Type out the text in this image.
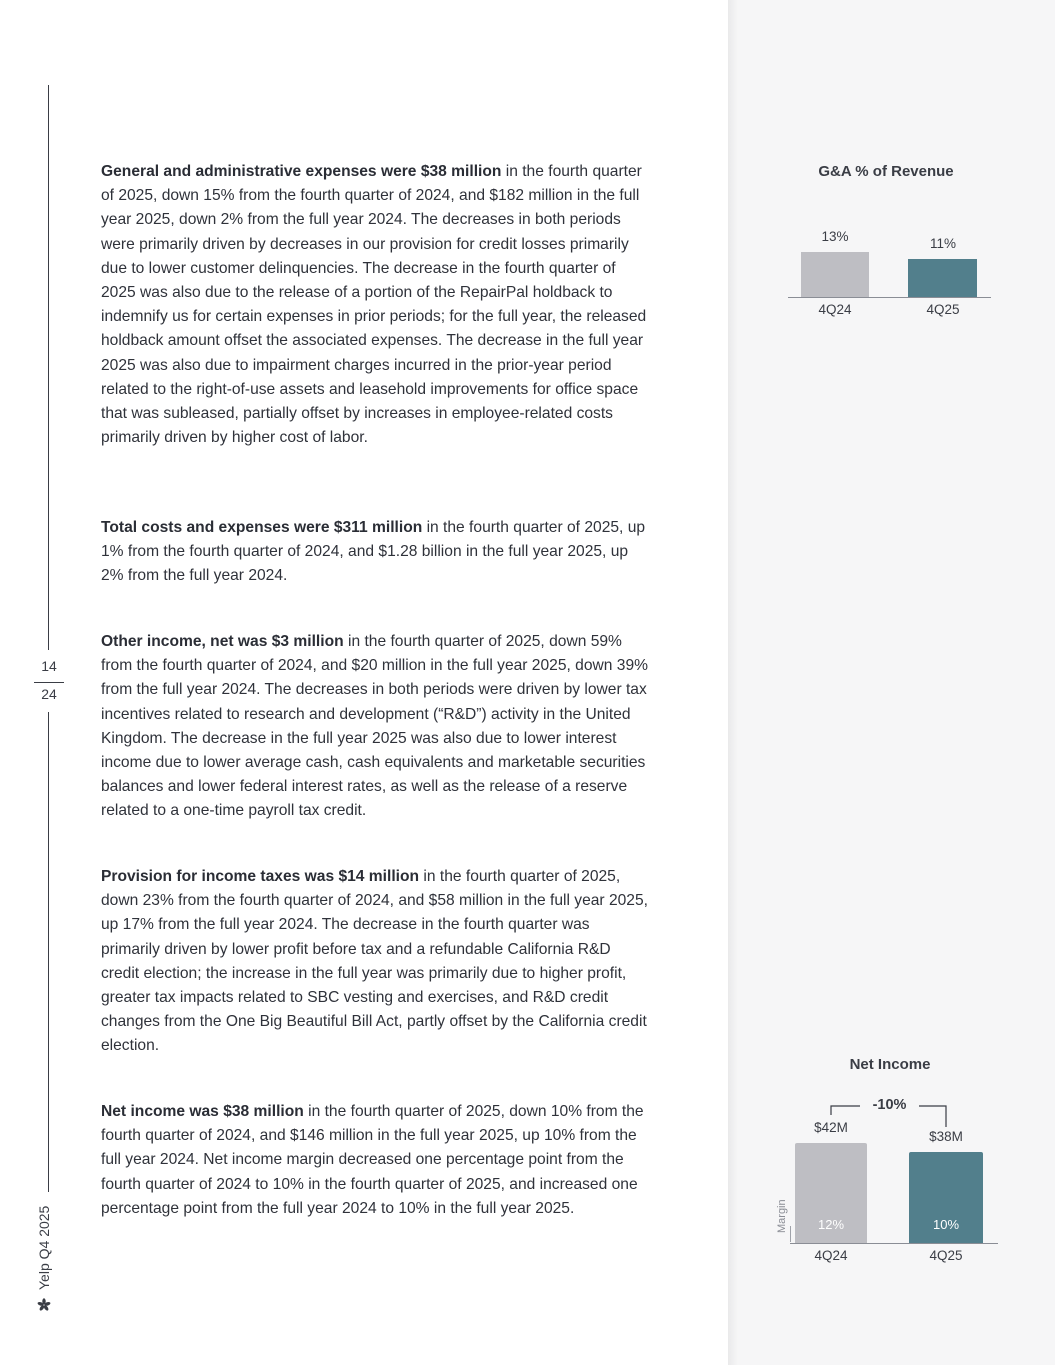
14
24
Yelp Q4 2025

General and administrative expenses were $38 million in the fourth quarter of 2025, down 15% from the fourth quarter of 2024, and $182 million in the full year 2025, down 2% from the full year 2024. The decreases in both periods were primarily driven by decreases in our provision for credit losses primarily due to lower customer delinquencies. The decrease in the fourth quarter of 2025 was also due to the release of a portion of the RepairPal holdback to indemnify us for certain expenses in prior periods; for the full year, the released holdback amount offset the associated expenses. The decrease in the full year 2025 was also due to impairment charges incurred in the prior-year period related to the right-of-use assets and leasehold improvements for office space that was subleased, partially offset by increases in employee-related costs primarily driven by higher cost of labor.

Total costs and expenses were $311 million in the fourth quarter of 2025, up 1% from the fourth quarter of 2024, and $1.28 billion in the full year 2025, up 2% from the full year 2024.

Other income, net was $3 million in the fourth quarter of 2025, down 59% from the fourth quarter of 2024, and $20 million in the full year 2025, down 39% from the full year 2024. The decreases in both periods were driven by lower tax incentives related to research and development (“R&D”) activity in the United Kingdom. The decrease in the full year 2025 was also due to lower interest income due to lower average cash, cash equivalents and marketable securities balances and lower federal interest rates, as well as the release of a reserve related to a one-time payroll tax credit.

Provision for income taxes was $14 million in the fourth quarter of 2025, down 23% from the fourth quarter of 2024, and $58 million in the full year 2025, up 17% from the full year 2024. The decrease in the fourth quarter was primarily driven by lower profit before tax and a refundable California R&D credit election; the increase in the full year was primarily due to higher profit, greater tax impacts related to SBC vesting and exercises, and R&D credit changes from the One Big Beautiful Bill Act, partly offset by the California credit election.

Net income was $38 million in the fourth quarter of 2025, down 10% from the fourth quarter of 2024, and $146 million in the full year 2025, up 10% from the full year 2024. Net income margin decreased one percentage point from the fourth quarter of 2024 to 10% in the fourth quarter of 2025, and increased one percentage point from the full year 2024 to 10% in the full year 2025.

G&A % of Revenue
13%	11%
4Q24	4Q25
Net Income
-10%
$42M
$38M
12%	10%
Margin
4Q24	4Q25
